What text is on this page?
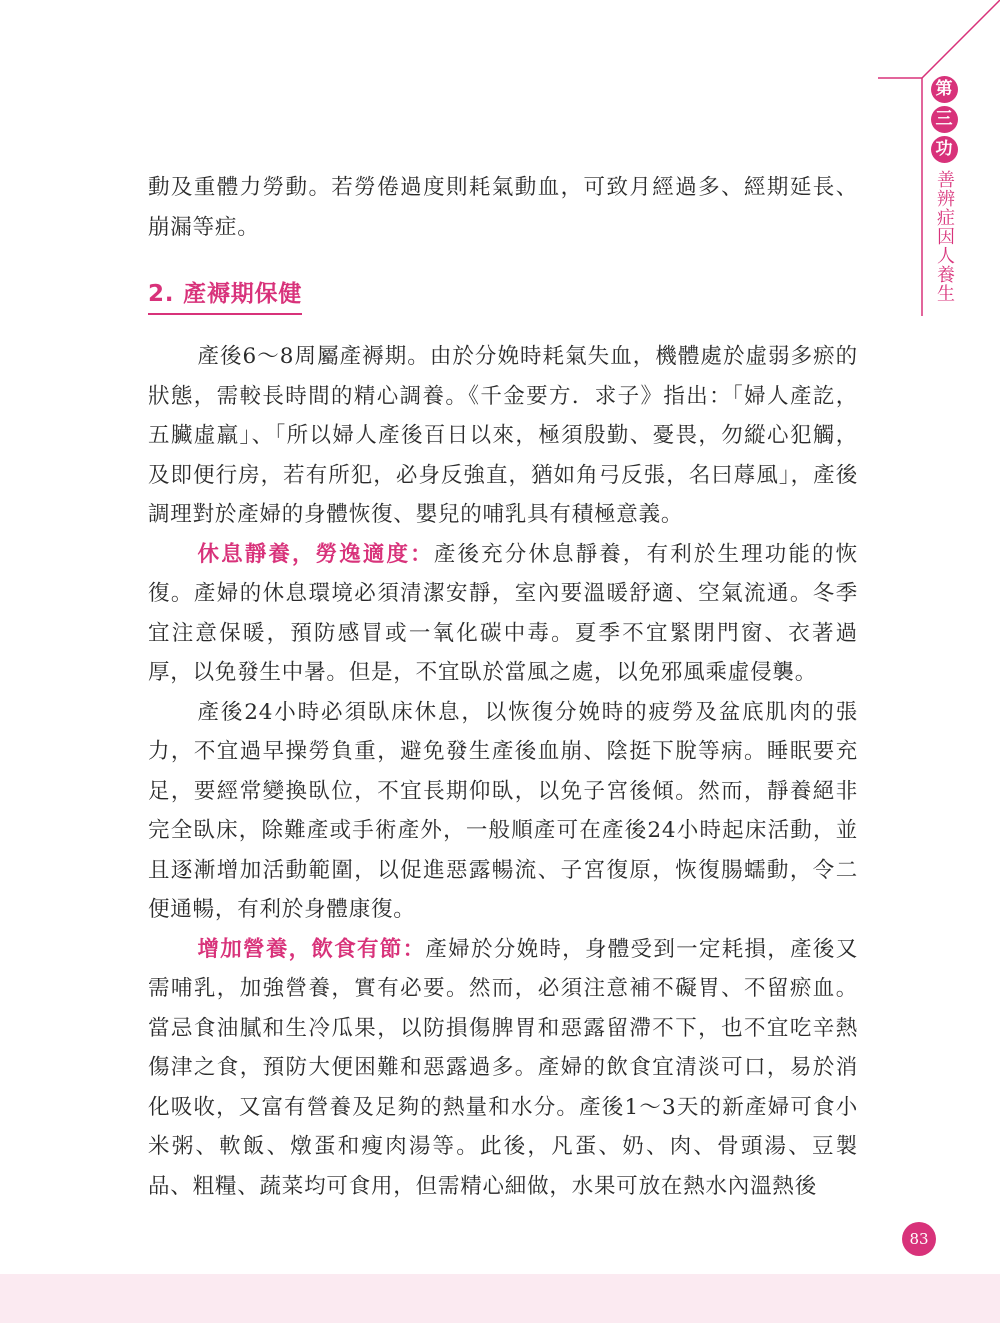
第
三
功
善辨症因人養生

動及重體力勞動。若勞倦過度則耗氣動血，可致月經過多、經期延長、崩漏等症。

2. 產褥期保健

產後6～8周屬產褥期。由於分娩時耗氣失血，機體處於虛弱多瘀的狀態，需較長時間的精心調養。《千金要方．求子》指出：「婦人產訖，五臟虛羸」、「所以婦人產後百日以來，極須殷勤、憂畏，勿縱心犯觸，及即便行房，若有所犯，必身反強直，猶如角弓反張，名曰蓐風」，產後調理對於產婦的身體恢復、嬰兒的哺乳具有積極意義。

休息靜養，勞逸適度：產後充分休息靜養，有利於生理功能的恢復。產婦的休息環境必須清潔安靜，室內要溫暖舒適、空氣流通。冬季宜注意保暖，預防感冒或一氧化碳中毒。夏季不宜緊閉門窗、衣著過厚，以免發生中暑。但是，不宜臥於當風之處，以免邪風乘虛侵襲。

產後24小時必須臥床休息，以恢復分娩時的疲勞及盆底肌肉的張力，不宜過早操勞負重，避免發生產後血崩、陰挺下脫等病。睡眠要充足，要經常變換臥位，不宜長期仰臥，以免子宮後傾。然而，靜養絕非完全臥床，除難產或手術產外，一般順產可在產後24小時起床活動，並且逐漸增加活動範圍，以促進惡露暢流、子宮復原，恢復腸蠕動，令二便通暢，有利於身體康復。

增加營養，飲食有節：產婦於分娩時，身體受到一定耗損，產後又需哺乳，加強營養，實有必要。然而，必須注意補不礙胃、不留瘀血。當忌食油膩和生冷瓜果，以防損傷脾胃和惡露留滯不下，也不宜吃辛熱傷津之食，預防大便困難和惡露過多。產婦的飲食宜清淡可口，易於消化吸收，又富有營養及足夠的熱量和水分。產後1～3天的新產婦可食小米粥、軟飯、燉蛋和瘦肉湯等。此後，凡蛋、奶、肉、骨頭湯、豆製品、粗糧、蔬菜均可食用，但需精心細做，水果可放在熱水內溫熱後

83
